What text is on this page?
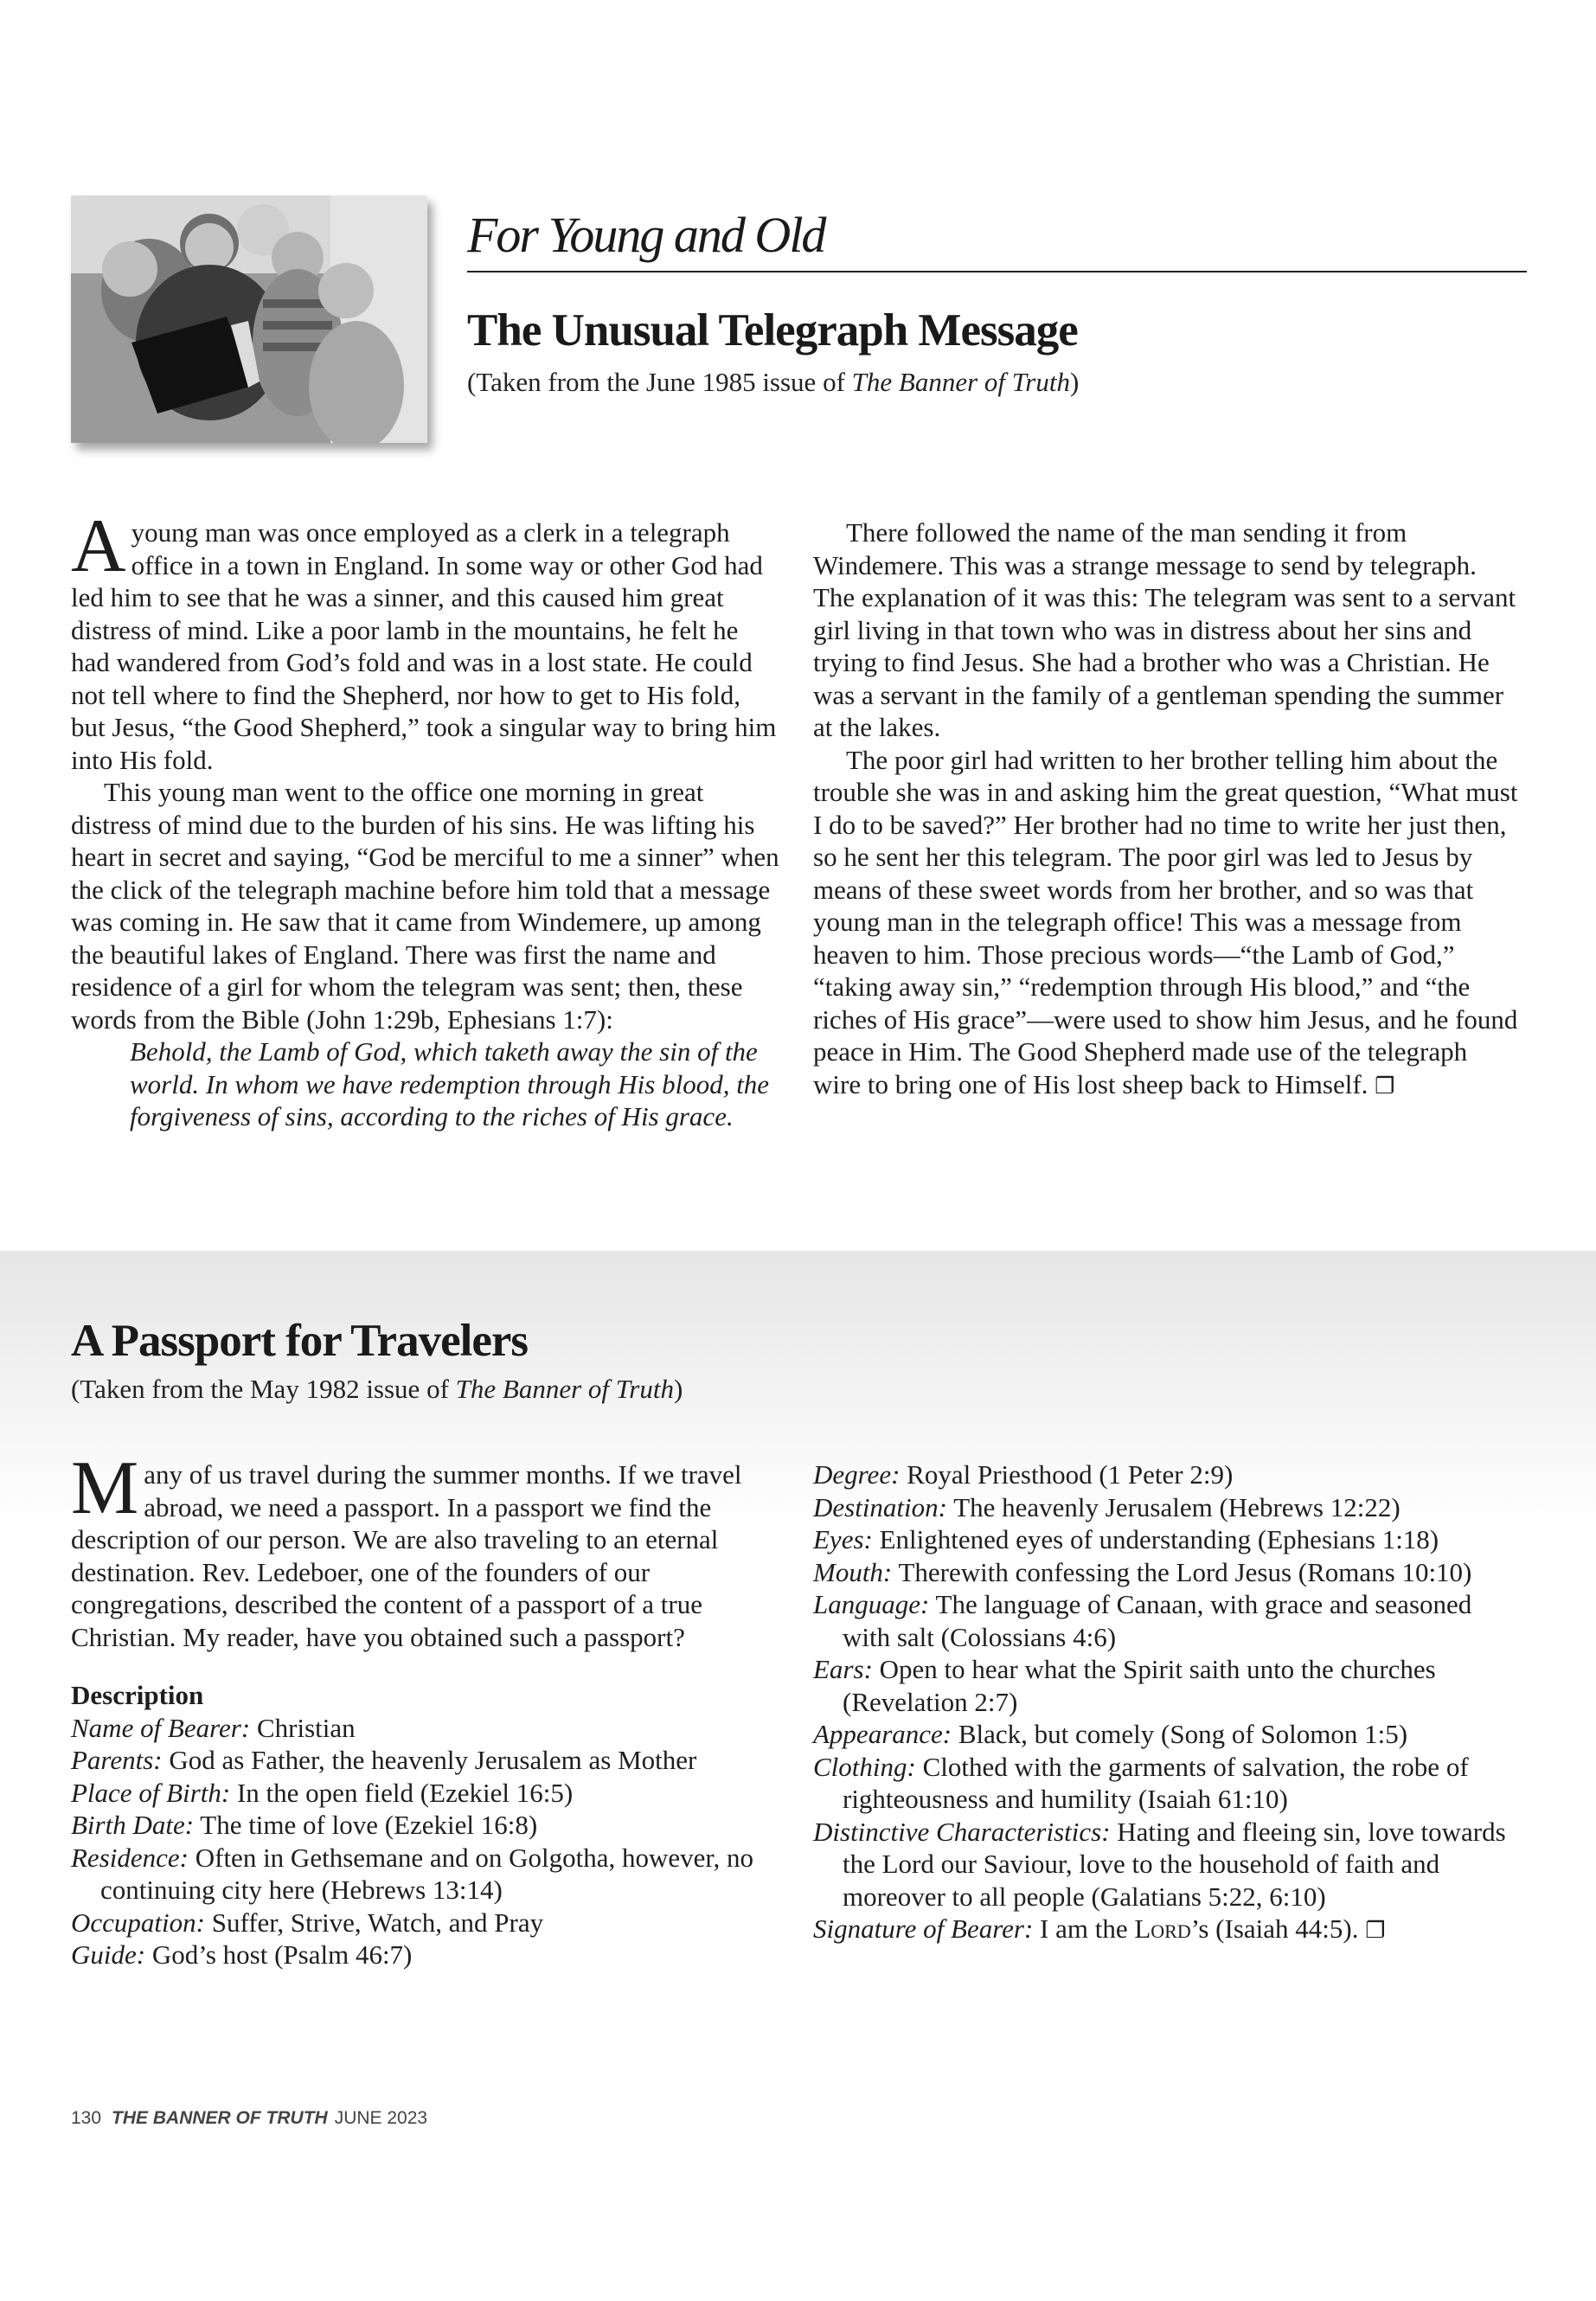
For Young and Old
The Unusual Telegraph Message
(Taken from the June 1985 issue of The Banner of Truth)

Ayoung man was once employed as a clerk in a telegraph office in a town in England. In some way or other God had led him to see that he was a sinner, and this caused him great distress of mind. Like a poor lamb in the mountains, he felt he had wandered from God’s fold and was in a lost state. He could not tell where to find the Shepherd, nor how to get to His fold, but Jesus, “the Good Shepherd,” took a singular way to bring him into His fold.

This young man went to the office one morning in great distress of mind due to the burden of his sins. He was lifting his heart in secret and saying, “God be merciful to me a sinner” when the click of the telegraph machine before him told that a message was coming in. He saw that it came from Windemere, up among the beautiful lakes of England. There was first the name and residence of a girl for whom the telegram was sent; then, these words from the Bible (John 1:29b, Ephesians 1:7):

Behold, the Lamb of God, which taketh away the sin of the world. In whom we have redemption through His blood, the forgiveness of sins, according to the riches of His grace.

There followed the name of the man sending it from Windemere. This was a strange message to send by telegraph. The explanation of it was this: The telegram was sent to a servant girl living in that town who was in distress about her sins and trying to find Jesus. She had a brother who was a Christian. He was a servant in the family of a gentleman spending the summer at the lakes.

The poor girl had written to her brother telling him about the trouble she was in and asking him the great question, “What must I do to be saved?” Her brother had no time to write her just then, so he sent her this telegram. The poor girl was led to Jesus by means of these sweet words from her brother, and so was that young man in the telegraph office! This was a message from heaven to him. Those precious words—“the Lamb of God,” “taking away sin,” “redemption through His blood,” and “the riches of His grace”—were used to show him Jesus, and he found peace in Him. The Good Shepherd made use of the telegraph wire to bring one of His lost sheep back to Himself. ❐

A Passport for Travelers
(Taken from the May 1982 issue of The Banner of Truth)

Many of us travel during the summer months. If we travel abroad, we need a passport. In a passport we find the description of our person. We are also traveling to an eternal destination. Rev. Ledeboer, one of the founders of our congregations, described the content of a passport of a true Christian. My reader, have you obtained such a passport?

Description

Name of Bearer: Christian

Parents: God as Father, the heavenly Jerusalem as Mother

Place of Birth: In the open field (Ezekiel 16:5)

Birth Date: The time of love (Ezekiel 16:8)

Residence: Often in Gethsemane and on Golgotha, however, no continuing city here (Hebrews 13:14)

Occupation: Suffer, Strive, Watch, and Pray

Guide: God’s host (Psalm 46:7)

Degree: Royal Priesthood (1 Peter 2:9)

Destination: The heavenly Jerusalem (Hebrews 12:22)

Eyes: Enlightened eyes of understanding (Ephesians 1:18)

Mouth: Therewith confessing the Lord Jesus (Romans 10:10)

Language: The language of Canaan, with grace and seasoned with salt (Colossians 4:6)

Ears: Open to hear what the Spirit saith unto the churches (Revelation 2:7)

Appearance: Black, but comely (Song of Solomon 1:5)

Clothing: Clothed with the garments of salvation, the robe of righteousness and humility (Isaiah 61:10)

Distinctive Characteristics: Hating and fleeing sin, love towards the Lord our Saviour, love to the household of faith and moreover to all people (Galatians 5:22, 6:10)

Signature of Bearer: I am the Lord’s (Isaiah 44:5). ❐

130 THE BANNER OF TRUTH JUNE 2023
